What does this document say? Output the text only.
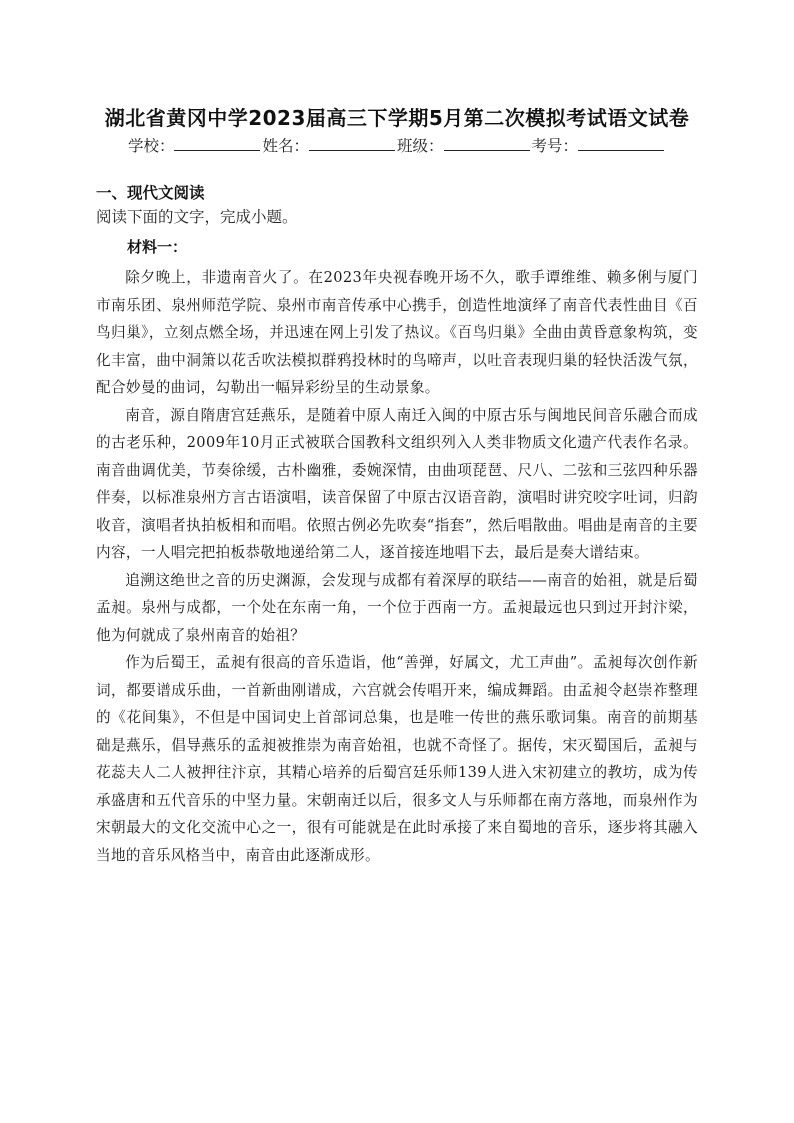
湖北省黄冈中学2023届高三下学期5月第二次模拟考试语文试卷
学校：	姓名：	班级：	考号：
一、现代文阅读
阅读下面的文字，完成小题。
材料一：

除夕晚上，非遗南音火了。在2023年央视春晚开场不久，歌手谭维维、赖多俐与厦门市南乐团、泉州师范学院、泉州市南音传承中心携手，创造性地演绎了南音代表性曲目《百鸟归巢》，立刻点燃全场，并迅速在网上引发了热议。《百鸟归巢》全曲由黄昏意象构筑，变化丰富，曲中洞箫以花舌吹法模拟群鸦投林时的鸟啼声，以吐音表现归巢的轻快活泼气氛，配合妙曼的曲词，勾勒出一幅异彩纷呈的生动景象。

南音，源自隋唐宫廷燕乐，是随着中原人南迁入闽的中原古乐与闽地民间音乐融合而成的古老乐种，2009年10月正式被联合国教科文组织列入人类非物质文化遗产代表作名录。南音曲调优美，节奏徐缓，古朴幽雅，委婉深情，由曲项琵琶、尺八、二弦和三弦四种乐器伴奏，以标准泉州方言古语演唱，读音保留了中原古汉语音韵，演唱时讲究咬字吐词，归韵收音，演唱者执拍板相和而唱。依照古例必先吹奏“指套”，然后唱散曲。唱曲是南音的主要内容，一人唱完把拍板恭敬地递给第二人，逐首接连地唱下去，最后是奏大谱结束。

追溯这绝世之音的历史渊源，会发现与成都有着深厚的联结——南音的始祖，就是后蜀孟昶。泉州与成都，一个处在东南一角，一个位于西南一方。孟昶最远也只到过开封汴梁，他为何就成了泉州南音的始祖？

作为后蜀王，孟昶有很高的音乐造诣，他“善弹，好属文，尤工声曲”。孟昶每次创作新词，都要谱成乐曲，一首新曲刚谱成，六宫就会传唱开来，编成舞蹈。由孟昶令赵崇祚整理的《花间集》，不但是中国词史上首部词总集，也是唯一传世的燕乐歌词集。南音的前期基础是燕乐，倡导燕乐的孟昶被推崇为南音始祖，也就不奇怪了。据传，宋灭蜀国后，孟昶与花蕊夫人二人被押往汴京，其精心培养的后蜀宫廷乐师139人进入宋初建立的教坊，成为传承盛唐和五代音乐的中坚力量。宋朝南迁以后，很多文人与乐师都在南方落地，而泉州作为宋朝最大的文化交流中心之一，很有可能就是在此时承接了来自蜀地的音乐，逐步将其融入当地的音乐风格当中，南音由此逐渐成形。
